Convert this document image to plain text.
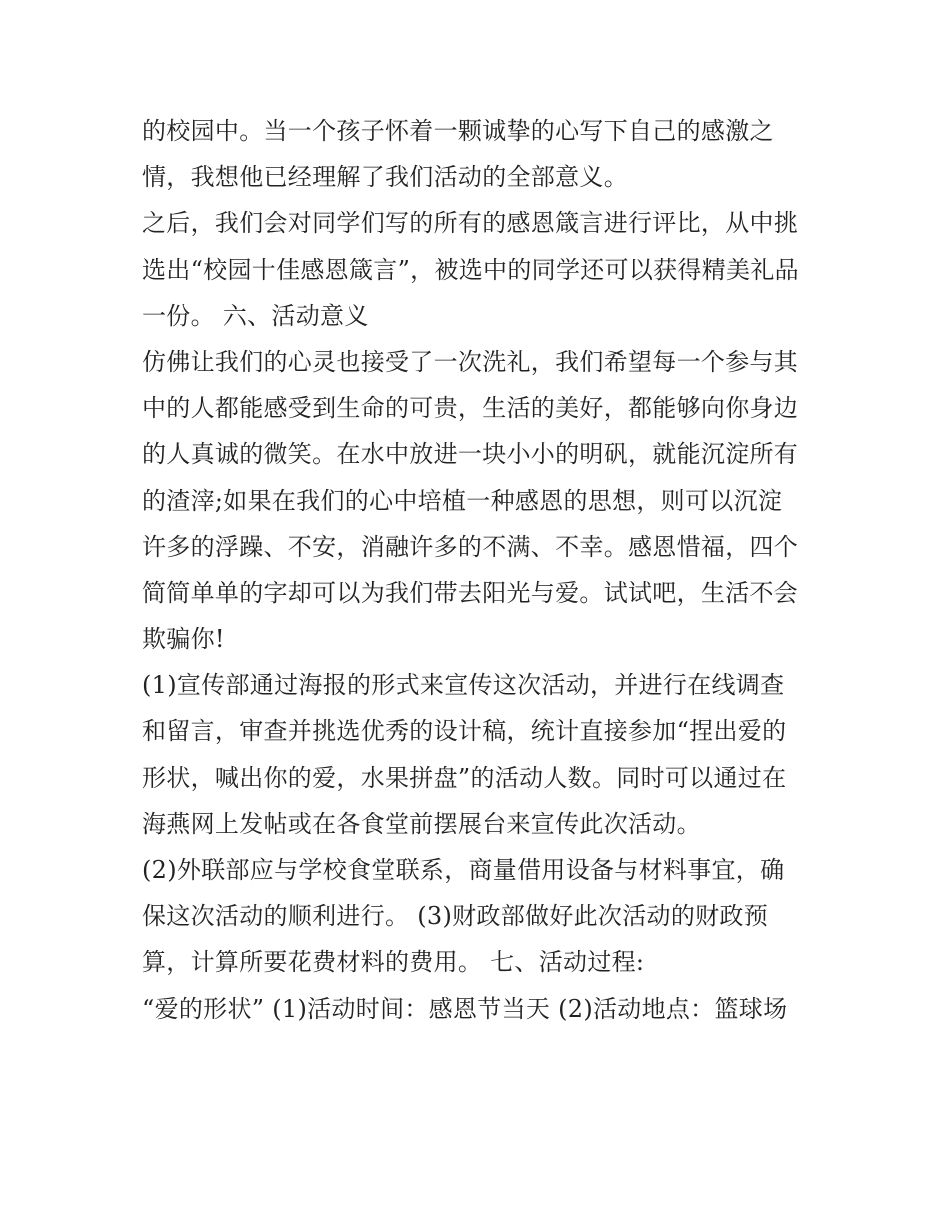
的校园中。当一个孩子怀着一颗诚挚的心写下自己的感激之
情，我想他已经理解了我们活动的全部意义。
之后，我们会对同学们写的所有的感恩箴言进行评比，从中挑
选出“校园十佳感恩箴言”，被选中的同学还可以获得精美礼品
一份。 六、活动意义
仿佛让我们的心灵也接受了一次洗礼，我们希望每一个参与其
中的人都能感受到生命的可贵，生活的美好，都能够向你身边
的人真诚的微笑。在水中放进一块小小的明矾，就能沉淀所有
的渣滓;如果在我们的心中培植一种感恩的思想，则可以沉淀
许多的浮躁、不安，消融许多的不满、不幸。感恩惜福，四个
简简单单的字却可以为我们带去阳光与爱。试试吧，生活不会
欺骗你!
(1)宣传部通过海报的形式来宣传这次活动，并进行在线调查
和留言，审查并挑选优秀的设计稿，统计直接参加“捏出爱的
形状，喊出你的爱，水果拼盘”的活动人数。同时可以通过在
海燕网上发帖或在各食堂前摆展台来宣传此次活动。
(2)外联部应与学校食堂联系，商量借用设备与材料事宜，确
保这次活动的顺利进行。 (3)财政部做好此次活动的财政预
算，计算所要花费材料的费用。 七、活动过程:
“爱的形状” (1)活动时间：感恩节当天 (2)活动地点：篮球场
